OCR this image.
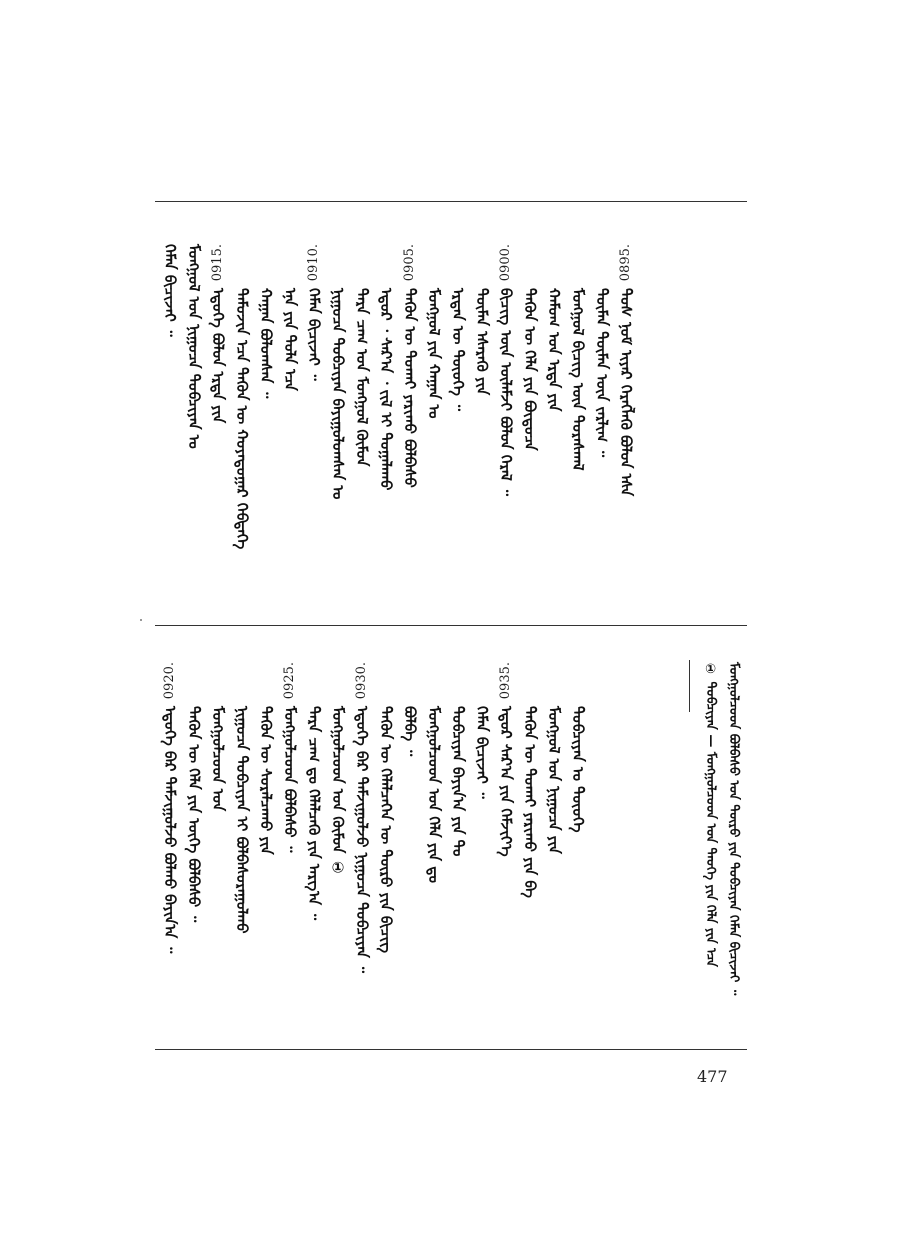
ᠬᠡᠮᠡᠨ ᠪᠢᠴᠢᠵᠡᠢ ᠃ ᠮᠣᠩᠭᠣᠯ ᠤᠨ ᠨᠢᠭᠤᠴᠠ ᠲᠣᠪᠴᠢᠶᠠᠨ ᠤ ᠡᠳᠦᠭᠡ ᠪᠣᠯᠤᠨ ᠡᠷᠲᠡ ᠶᠢᠨ
0915.
ᠲᠡᠮᠦᠵᠢᠨ ᠡᠴᠡ ᠲᠡᠭᠦᠨ ᠦ ᠬᠣᠶᠠᠳᠤᠭᠠᠷ ᠬᠡᠪᠲᠡᠭᠡ ᠬᠠᠭᠠᠨ ᠪᠣᠯᠤᠭᠰᠠᠨ ᠃ ᠡᠨᠡ ᠶᠢᠨ ᠲᠤᠯᠠ ᠡᠴᠡ ᠬᠡᠮᠡᠨ ᠪᠢᠴᠢᠵᠡᠢ ᠃
0910.
ᠨᠢᠭᠤᠴᠠ ᠲᠣᠪᠴᠢᠶᠠᠨ ᠪᠠᠶᠢᠭᠤᠯᠤᠭᠰᠠᠨ ᠤ ᠲᠡᠷᠡ ᠴᠠᠭ ᠤᠨ ᠮᠣᠩᠭᠣᠯ ᠬᠦᠮᠦᠨ ᠡᠳᠦᠷ ᠂ ᠰᠠᠷ᠎ᠠ ᠂ ᠵᠢᠯ ᠢ ᠲᠣᠭᠠᠯᠠᠬᠤ ᠲᠡᠭᠦᠨ ᠦ ᠲᠤᠬᠠᠢ ᠶᠠᠷᠢᠬᠤ ᠪᠣᠯᠪᠠᠰᠤ
0905.
ᠮᠣᠩᠭᠣᠯ ᠶᠢᠨ ᠬᠠᠭᠠᠨ ᠤ ᠡᠷᠲᠡᠨ ᠦ ᠲᠦᠦᠬᠡ ᠃ ᠲᠦᠮᠡᠨ ᠡᠰᠡᠷᠡᠬᠦ ᠶᠢᠨ ᠪᠢᠴᠢᠭ᠌ ᠦᠨ ᠦᠯᠡᠮᠵᠢ ᠪᠣᠯᠤᠨ ᠭᠡᠷᠡᠯ ᠃
0900.
ᠲᠡᠭᠦᠨ ᠦ ᠬᠡᠯᠡ ᠶᠢᠨ ᠪᠦᠲᠦᠴᠡ ᠬᠠᠮᠤᠭ ᠤᠨ ᠡᠷᠲᠡ ᠶᠢᠨ ᠮᠣᠩᠭᠣᠯ ᠪᠢᠴᠢᠭ ᠦᠨ ᠳᠤᠷᠠᠰᠬᠠᠯ ᠲᠦᠮᠡᠨ ᠲᠦᠮᠡᠨ ᠦᠨ ᠵᠠᠷᠯᠢᠭ ᠃ ᠲᠤᠰ ᠨᠣᠮ ᠢᠶᠠᠷ ᠬᠡᠷᠡᠭᠯᠡᠬᠦ ᠪᠣᠯᠤᠨ ᠡᠰᠡ
0895.
ᠡᠳᠦᠭᠡ ᠪᠠᠷ ᠳᠠᠮᠵᠢᠭᠤᠯᠵᠤ ᠪᠣᠯᠬᠤ ᠪᠠᠶᠢᠨ᠎ᠠ ᠃
0920.
ᠲᠡᠭᠦᠨ ᠦ ᠬᠡᠯᠡ ᠶᠢᠨ ᠦᠭᠡ ᠪᠣᠯᠪᠠᠰᠤ ᠃ ᠮᠣᠩᠭᠣᠯᠴᠤᠳ ᠤᠨ ᠨᠢᠭᠤᠴᠠ ᠲᠣᠪᠴᠢᠶᠠᠨ ᠢ ᠪᠣᠯᠪᠠᠰᠤᠷᠠᠭᠤᠯᠬᠤ ᠲᠡᠭᠦᠨ ᠦ ᠰᠤᠷᠠᠯᠴᠠᠬᠤ ᠶᠢᠨ ᠮᠣᠩᠭᠣᠯᠴᠤᠳ ᠪᠣᠯᠪᠠᠰᠤ ᠃
0925.
ᠲᠡᠷᠡ ᠴᠠᠭ ᠳᠤ ᠬᠡᠯᠡᠯᠴᠡᠬᠦ ᠶᠢᠨ ᠠᠷᠭ᠎ᠠ ᠃ ᠮᠣᠩᠭᠣᠯᠴᠤᠳ ᠤᠨ ᠬᠦᠮᠦᠨ ① ᠡᠳᠦᠭᠡ ᠪᠠᠷ ᠳᠠᠮᠵᠢᠭᠤᠯᠵᠤ ᠨᠢᠭᠤᠴᠠ ᠲᠣᠪᠴᠢᠶᠠᠨ ᠃
0930.
ᠲᠡᠭᠦᠨ ᠦ ᠬᠡᠯᠡᠯᠴᠡᠭᠡᠨ ᠦ ᠲᠦᠷᠦ ᠶᠢᠨ ᠪᠢᠴᠢᠭ ᠪᠣᠯᠪᠠ ᠃ ᠮᠣᠩᠭᠣᠯᠴᠤᠳ ᠤᠨ ᠬᠡᠯᠡ ᠶᠢᠨ ᠳᠤ ᠲᠣᠪᠴᠢᠶᠠᠨ ᠪᠠᠶᠢᠨ᠎ᠠ ᠶᠢᠨ ᠲᠤ ᠬᠡᠮᠡᠨ ᠪᠢᠴᠢᠵᠡᠢ ᠃ ᠡᠳᠦᠷ ᠰᠠᠷ᠎ᠠ ᠶᠢᠨ ᠬᠡᠮᠵᠢᠶ᠎ᠡ
0935.
ᠲᠡᠭᠦᠨ ᠦ ᠲᠤᠬᠠᠢ ᠶᠠᠷᠢᠬᠤ ᠶᠢᠨ ᠪᠠ ᠮᠣᠩᠭᠣᠯ ᠤᠨ ᠨᠢᠭᠤᠴᠠ ᠶᠢᠨ ᠲᠣᠪᠴᠢᠶᠠᠨ ᠤ ᠲᠦᠦᠬᠡ	① ᠲᠣᠪᠴᠢᠶᠠᠨ — ᠮᠣᠩᠭᠣᠯᠴᠤᠳ ᠤᠨ ᠲᠡᠦᠬᠡ ᠶᠢᠨ ᠬᠡᠯᠡ ᠶᠢᠨ ᠡᠴᠡ ᠮᠣᠩᠭᠣᠯᠴᠤᠳ ᠪᠣᠯᠪᠠᠰᠤ ᠤᠨ ᠲᠦᠷᠦ ᠶᠢᠨ ᠲᠣᠪᠴᠢᠶᠠᠨ ᠬᠡᠮᠡᠨ ᠪᠢᠴᠢᠵᠡᠢ ᠃
477
